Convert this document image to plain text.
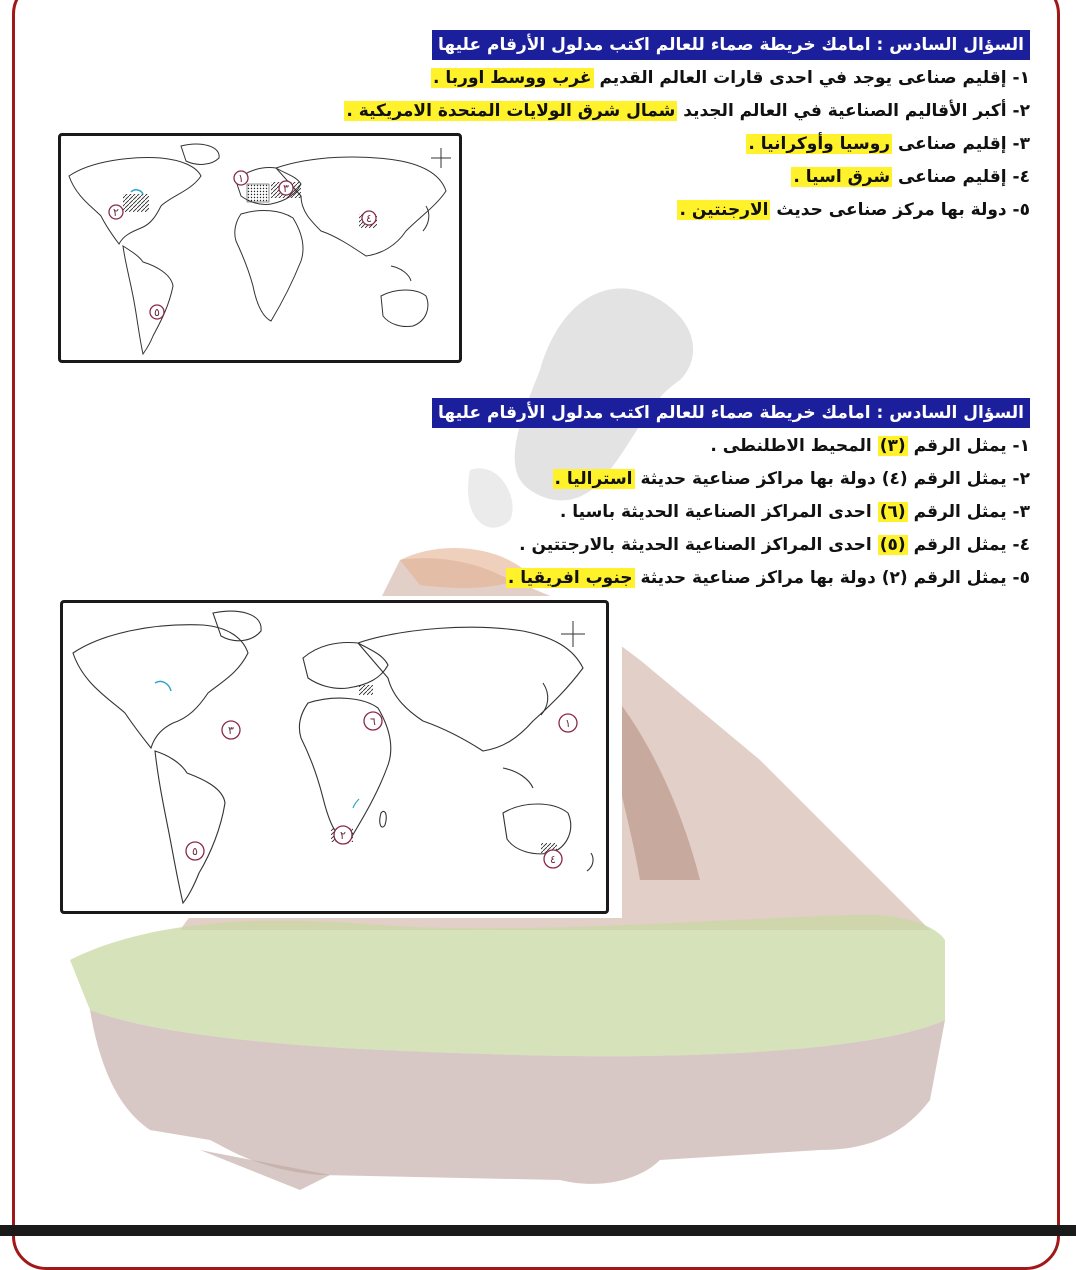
السؤال السادس : امامك خريطة صماء للعالم اكتب مدلول الأرقام عليها
١- إقليم صناعى يوجد في احدى قارات العالم القديم غرب ووسط اوربا .
٢- أكبر الأقاليم الصناعية في العالم الجديد شمال شرق الولايات المتحدة الامريكية .
٣- إقليم صناعى روسيا وأوكرانيا .
٤- إقليم صناعى شرق اسيا .
٥- دولة بها مركز صناعى حديث الارجنتين .
١
٢
٣
٤
٥
السؤال السادس : امامك خريطة صماء للعالم اكتب مدلول الأرقام عليها
١- يمثل الرقم (٣) المحيط الاطلنطى .
٢- يمثل الرقم (٤) دولة بها مراكز صناعية حديثة استراليا .
٣- يمثل الرقم (٦) احدى المراكز الصناعية الحديثة باسيا .
٤- يمثل الرقم (٥) احدى المراكز الصناعية الحديثة بالارجتتين .
٥- يمثل الرقم (٢) دولة بها مراكز صناعية حديثة جنوب افريقيا .
١
٢
٣
٤
٥
٦
